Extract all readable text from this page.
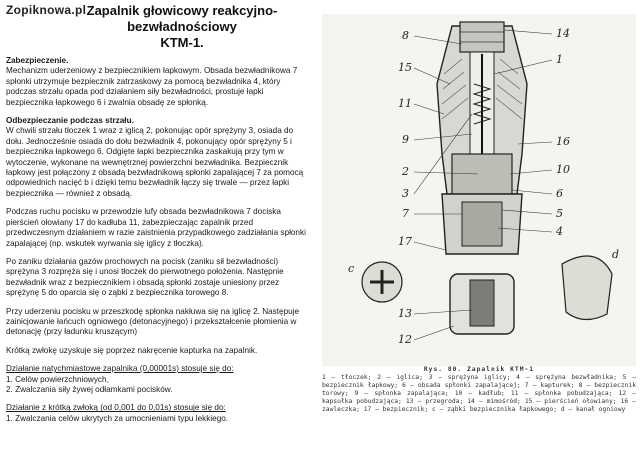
Zopiknowa.pl Zapalnik głowicowy reakcyjno-bezwładnościowy
KTM-1.

Zabezpieczenie.
Mechanizm uderzeniowy z bezpiecznikiem łapkowym. Obsada bezwładnikowa 7 spłonki utrzymuje bezpiecznik zatrzaskowy za pomocą bezwładnika 4, który podczas strzału opada pod działaniem siły bezwładności, prostuje łapki bezpiecznika łapkowego 6 i zwalnia obsadę ze spłonką.

Odbezpieczanie podczas strzału.
W chwili strzału tłoczek 1 wraz z iglicą 2, pokonując opór sprężyny 3, osiada do dołu. Jednocześnie osiada do dołu bezwładnik 4, pokonujący opór sprężyny 5 i bezpiecznika łapkowego 6. Odgięte łapki bezpiecznika zaskakują przy tym w wytoczenie, wykonane na wewnętrznej powierzchni bezwładnika. Bezpiecznik łapkowy jest połączony z obsadą bezwładnikową spłonki zapalającej 7 za pomocą odpowiednich nacięć b i dzięki temu bezwładnik łączy się trwale — przez łapki bezpiecznika — również z obsadą.

Podczas ruchu pocisku w przewodzie lufy obsada bezwładnikowa 7 dociska pierścień ołowiany 17 do kadłuba 11, zabezpieczając zapalnik przed przedwczesnym działaniem w razie zaistnienia przypadkowego zadziałania spłonki zapalającej (np. wskutek wyrwania się iglicy z tłoczka).

Po zaniku działania gazów prochowych na pocisk (zaniku sił bezwładności) sprężyna 3 rozpręża się i unosi tłoczek do pierwotnego położenia. Następnie bezwładnik wraz z bezpiecznikiem i obsadą spłonki zostaje uniesiony przez sprężynę 5 do oparcia się o ząbki z bezpiecznika torowego 8.

Przy uderzeniu pocisku w przeszkodę spłonka nakłuwa się na iglicę 2. Następuje zainicjowanie łańcuch ogniowego (detonacyjnego) i przekształcenie płomienia w detonację (przy ładunku kruszącym)

Krótką zwłokę uzyskuje się poprzez nakręcenie kapturka na zapalnik.

Działanie natychmiastowe zapalnika (0,00001s) stosuje się do:
1. Celów powierzchniowych,
2. Zwalczania siły żywej odłamkami pocisków.

Działanie z krótką zwłoką (od 0,001 do 0,01s) stosuje się do:
1. Zwalczania celów ukrytych za umocnieniami typu lekkiego.

8
15
11
9
2
3
7
17
c
13
12
14
1
16
10
6
5
4
d
Rys. 80. Zapalnik KTM-1
1 — tłoczek; 2 — iglica; 3 — sprężyna iglicy; 4 — sprężyna bezwładnika; 5 — bezpiecznik łapkowy; 6 — obsada spłonki zapalającej; 7 — kapturek; 8 — bezpiecznik torowy; 9 — spłonka zapalająca; 10 — kadłub; 11 — spłonka pobudzająca; 12 — kapsułka pobudzająca; 13 — przegroda; 14 — mimośród; 15 — pierścień ołowiany; 16 — zawleczka; 17 — bezpiecznik; c — ząbki bezpiecznika łapkowego; d — kanał ogniowy
